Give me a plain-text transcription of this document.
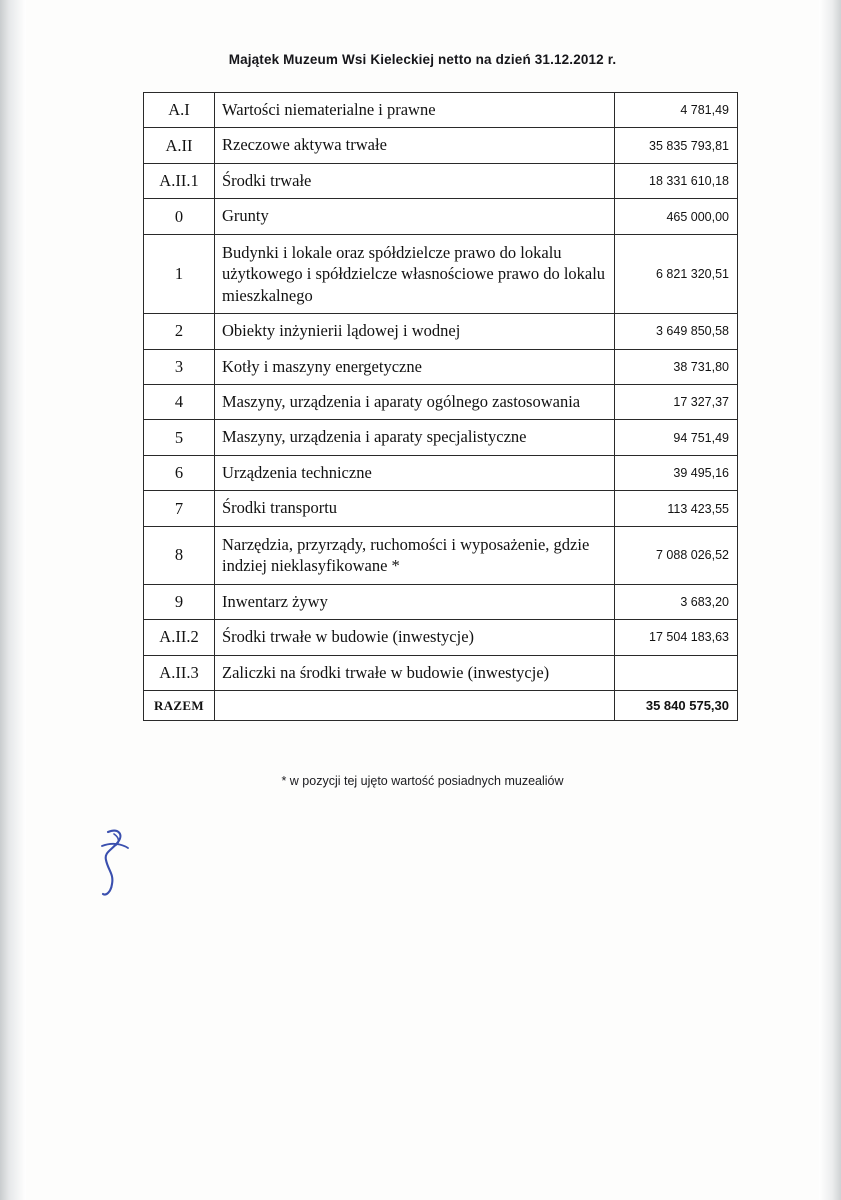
Majątek Muzeum Wsi Kieleckiej netto na dzień 31.12.2012 r.
A.I	Wartości niematerialne i prawne	4 781,49
A.II	Rzeczowe aktywa trwałe	35 835 793,81
A.II.1	Środki trwałe	18 331 610,18
0	Grunty	465 000,00
1	Budynki i lokale oraz spółdzielcze prawo do lokalu użytkowego i spółdzielcze własnościowe prawo do lokalu mieszkalnego	6 821 320,51
2	Obiekty inżynierii lądowej i wodnej	3 649 850,58
3	Kotły i maszyny energetyczne	38 731,80
4	Maszyny, urządzenia i aparaty ogólnego zastosowania	17 327,37
5	Maszyny, urządzenia i aparaty specjalistyczne	94 751,49
6	Urządzenia techniczne	39 495,16
7	Środki transportu	113 423,55
8	Narzędzia, przyrządy, ruchomości i wyposażenie, gdzie indziej nieklasyfikowane *	7 088 026,52
9	Inwentarz żywy	3 683,20
A.II.2	Środki trwałe w budowie (inwestycje)	17 504 183,63
A.II.3	Zaliczki na środki trwałe w budowie (inwestycje)	
RAZEM		35 840 575,30
* w pozycji tej ujęto wartość posiadnych muzealiów
